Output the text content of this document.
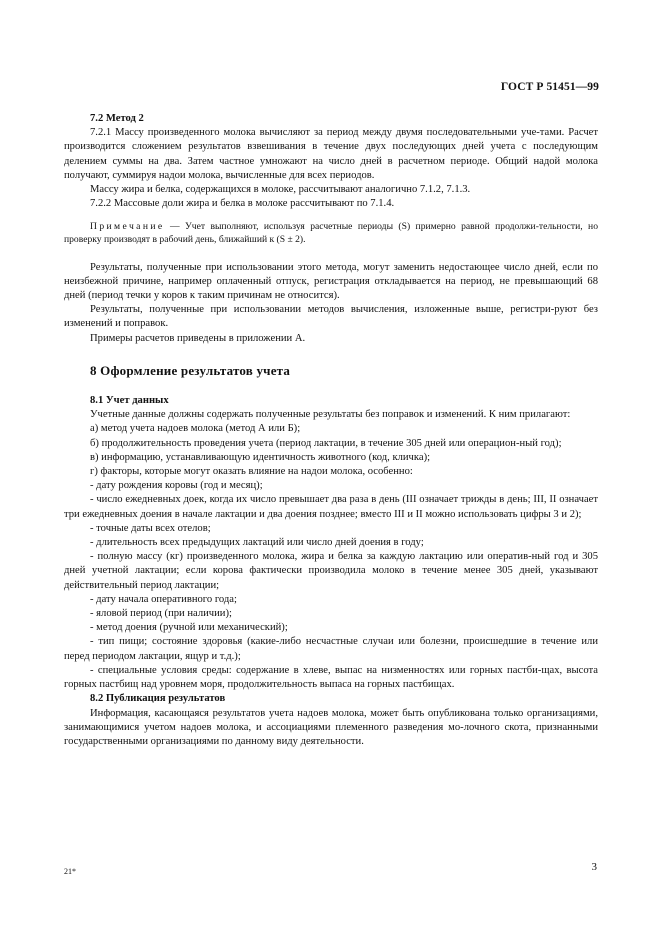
ГОСТ Р 51451—99

7.2 Метод 2

7.2.1 Массу произведенного молока вычисляют за период между двумя последовательными уче-тами. Расчет производится сложением результатов взвешивания в течение двух последующих дней учета с последующим делением суммы на два. Затем частное умножают на число дней в расчетном периоде. Общий надой молока получают, суммируя надои молока, вычисленные для всех периодов.

Массу жира и белка, содержащихся в молоке, рассчитывают аналогично 7.1.2, 7.1.3.

7.2.2 Массовые доли жира и белка в молоке рассчитывают по 7.1.4.

Примечание — Учет выполняют, используя расчетные периоды (S) примерно равной продолжи-тельности, но проверку производят в рабочий день, ближайший к (S ± 2).

Результаты, полученные при использовании этого метода, могут заменить недостающее число дней, если по неизбежной причине, например оплаченный отпуск, регистрация откладывается на период, не превышающий 68 дней (период течки у коров к таким причинам не относится).

Результаты, полученные при использовании методов вычисления, изложенные выше, регистри-руют без изменений и поправок.

Примеры расчетов приведены в приложении А.

8 Оформление результатов учета

8.1 Учет данных

Учетные данные должны содержать полученные результаты без поправок и изменений. К ним прилагают:

а) метод учета надоев молока (метод А или Б);

б) продолжительность проведения учета (период лактации, в течение 305 дней или операцион-ный год);

в) информацию, устанавливающую идентичность животного (код, кличка);

г) факторы, которые могут оказать влияние на надои молока, особенно:

- дату рождения коровы (год и месяц);

- число ежедневных доек, когда их число превышает два раза в день (III означает трижды в день; III, II означает три ежедневных доения в начале лактации и два доения позднее; вместо III и II можно использовать цифры 3 и 2);

- точные даты всех отелов;

- длительность всех предыдущих лактаций или число дней доения в году;

- полную массу (кг) произведенного молока, жира и белка за каждую лактацию или оператив-ный год и 305 дней учетной лактации; если корова фактически производила молоко в течение менее 305 дней, указывают действительный период лактации;

- дату начала оперативного года;

- яловой период (при наличии);

- метод доения (ручной или механический);

- тип пищи; состояние здоровья (какие-либо несчастные случаи или болезни, происшедшие в течение или перед периодом лактации, ящур и т.д.);

- специальные условия среды: содержание в хлеве, выпас на низменностях или горных пастби-щах, высота горных пастбищ над уровнем моря, продолжительность выпаса на горных пастбищах.

8.2 Публикация результатов

Информация, касающаяся результатов учета надоев молока, может быть опубликована только организациями, занимающимися учетом надоев молока, и ассоциациями племенного разведения мо-лочного скота, признанными государственными организациями по данному виду деятельности.

21*	3
